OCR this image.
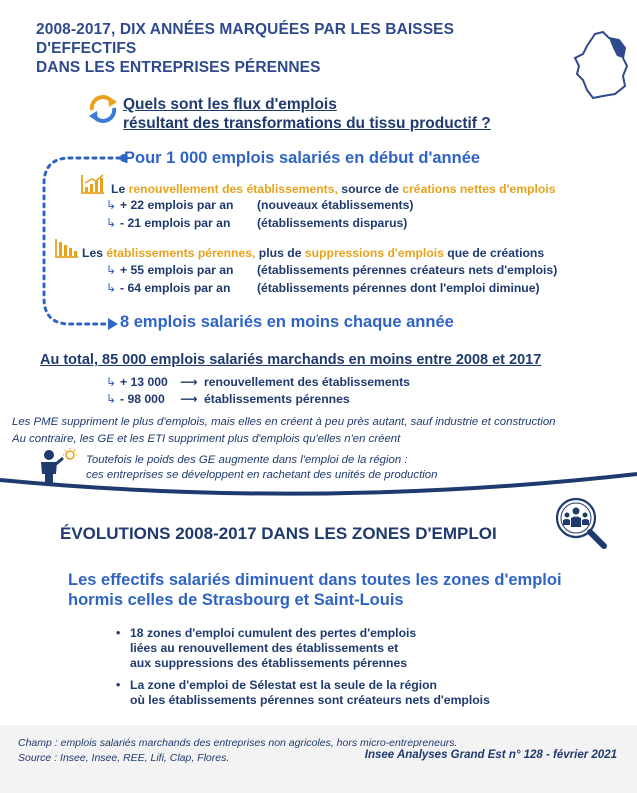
2008-2017, DIX ANNÉES MARQUÉES PAR LES BAISSES D'EFFECTIFS
DANS LES ENTREPRISES PÉRENNES
Quels sont les flux d'emplois
résultant des transformations du tissu productif ?
Pour 1 000 emplois salariés en début d'année
Le renouvellement des établissements, source de créations nettes d'emplois
↳ + 22 emplois par an (nouveaux établissements)
↳ - 21 emplois par an (établissements disparus)
Les établissements pérennes, plus de suppressions d'emplois que de créations
↳ + 55 emplois par an (établissements pérennes créateurs nets d'emplois)
↳ - 64 emplois par an (établissements pérennes dont l'emploi diminue)
8 emplois salariés en moins chaque année
Au total, 85 000 emplois salariés marchands en moins entre 2008 et 2017
↳ + 13 000 ⟶ renouvellement des établissements
↳ - 98 000 ⟶ établissements pérennes
Les PME suppriment le plus d'emplois, mais elles en créent à peu près autant, sauf industrie et construction
Au contraire, les GE et les ETI suppriment plus d'emplois qu'elles n'en créent
Toutefois le poids des GE augmente dans l'emploi de la région :
ces entreprises se développent en rachetant des unités de production
ÉVOLUTIONS 2008-2017 DANS LES ZONES D'EMPLOI
Les effectifs salariés diminuent dans toutes les zones d'emploi
hormis celles de Strasbourg et Saint-Louis
• 18 zones d'emploi cumulent des pertes d'emplois
liées au renouvellement des établissements et
aux suppressions des établissements pérennes
• La zone d'emploi de Sélestat est la seule de la région
où les établissements pérennes sont créateurs nets d'emplois
Champ : emplois salariés marchands des entreprises non agricoles, hors micro-entrepreneurs.
Source : Insee, Insee, REE, Lifi, Clap, Flores.	Insee Analyses Grand Est n° 128 - février 2021
